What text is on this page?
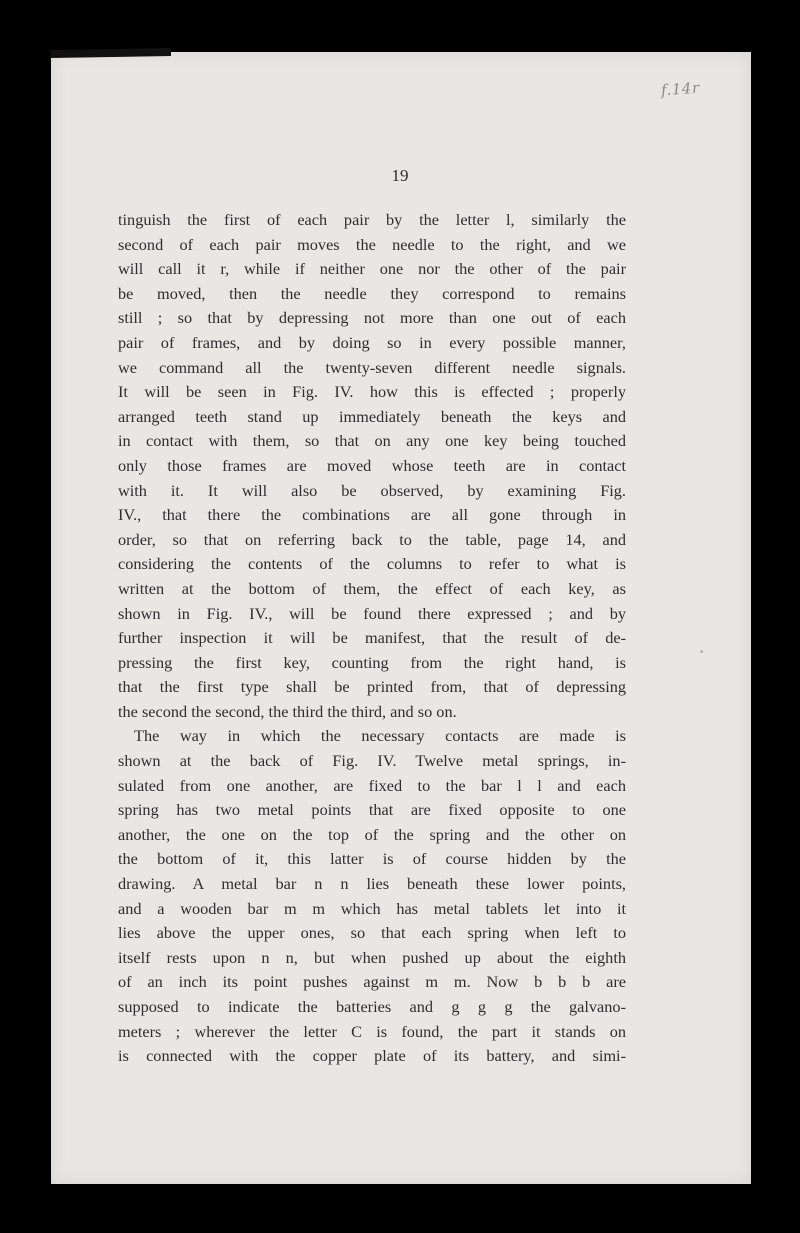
f.14r
19
tinguish the first of each pair by the letter l, similarly the
second of each pair moves the needle to the right, and we
will call it r, while if neither one nor the other of the pair
be moved, then the needle they correspond to remains
still ; so that by depressing not more than one out of each
pair of frames, and by doing so in every possible manner,
we command all the twenty-seven different needle signals.
It will be seen in Fig. IV. how this is effected ; properly
arranged teeth stand up immediately beneath the keys and
in contact with them, so that on any one key being touched
only those frames are moved whose teeth are in contact
with it. It will also be observed, by examining Fig.
IV., that there the combinations are all gone through in
order, so that on referring back to the table, page 14, and
considering the contents of the columns to refer to what is
written at the bottom of them, the effect of each key, as
shown in Fig. IV., will be found there expressed ; and by
further inspection it will be manifest, that the result of de-
pressing the first key, counting from the right hand, is
that the first type shall be printed from, that of depressing
the second the second, the third the third, and so on.
The way in which the necessary contacts are made is
shown at the back of Fig. IV. Twelve metal springs, in-
sulated from one another, are fixed to the bar l l and each
spring has two metal points that are fixed opposite to one
another, the one on the top of the spring and the other on
the bottom of it, this latter is of course hidden by the
drawing. A metal bar n n lies beneath these lower points,
and a wooden bar m m which has metal tablets let into it
lies above the upper ones, so that each spring when left to
itself rests upon n n, but when pushed up about the eighth
of an inch its point pushes against m m. Now b b b are
supposed to indicate the batteries and g g g the galvano-
meters ; wherever the letter C is found, the part it stands on
is connected with the copper plate of its battery, and simi-
